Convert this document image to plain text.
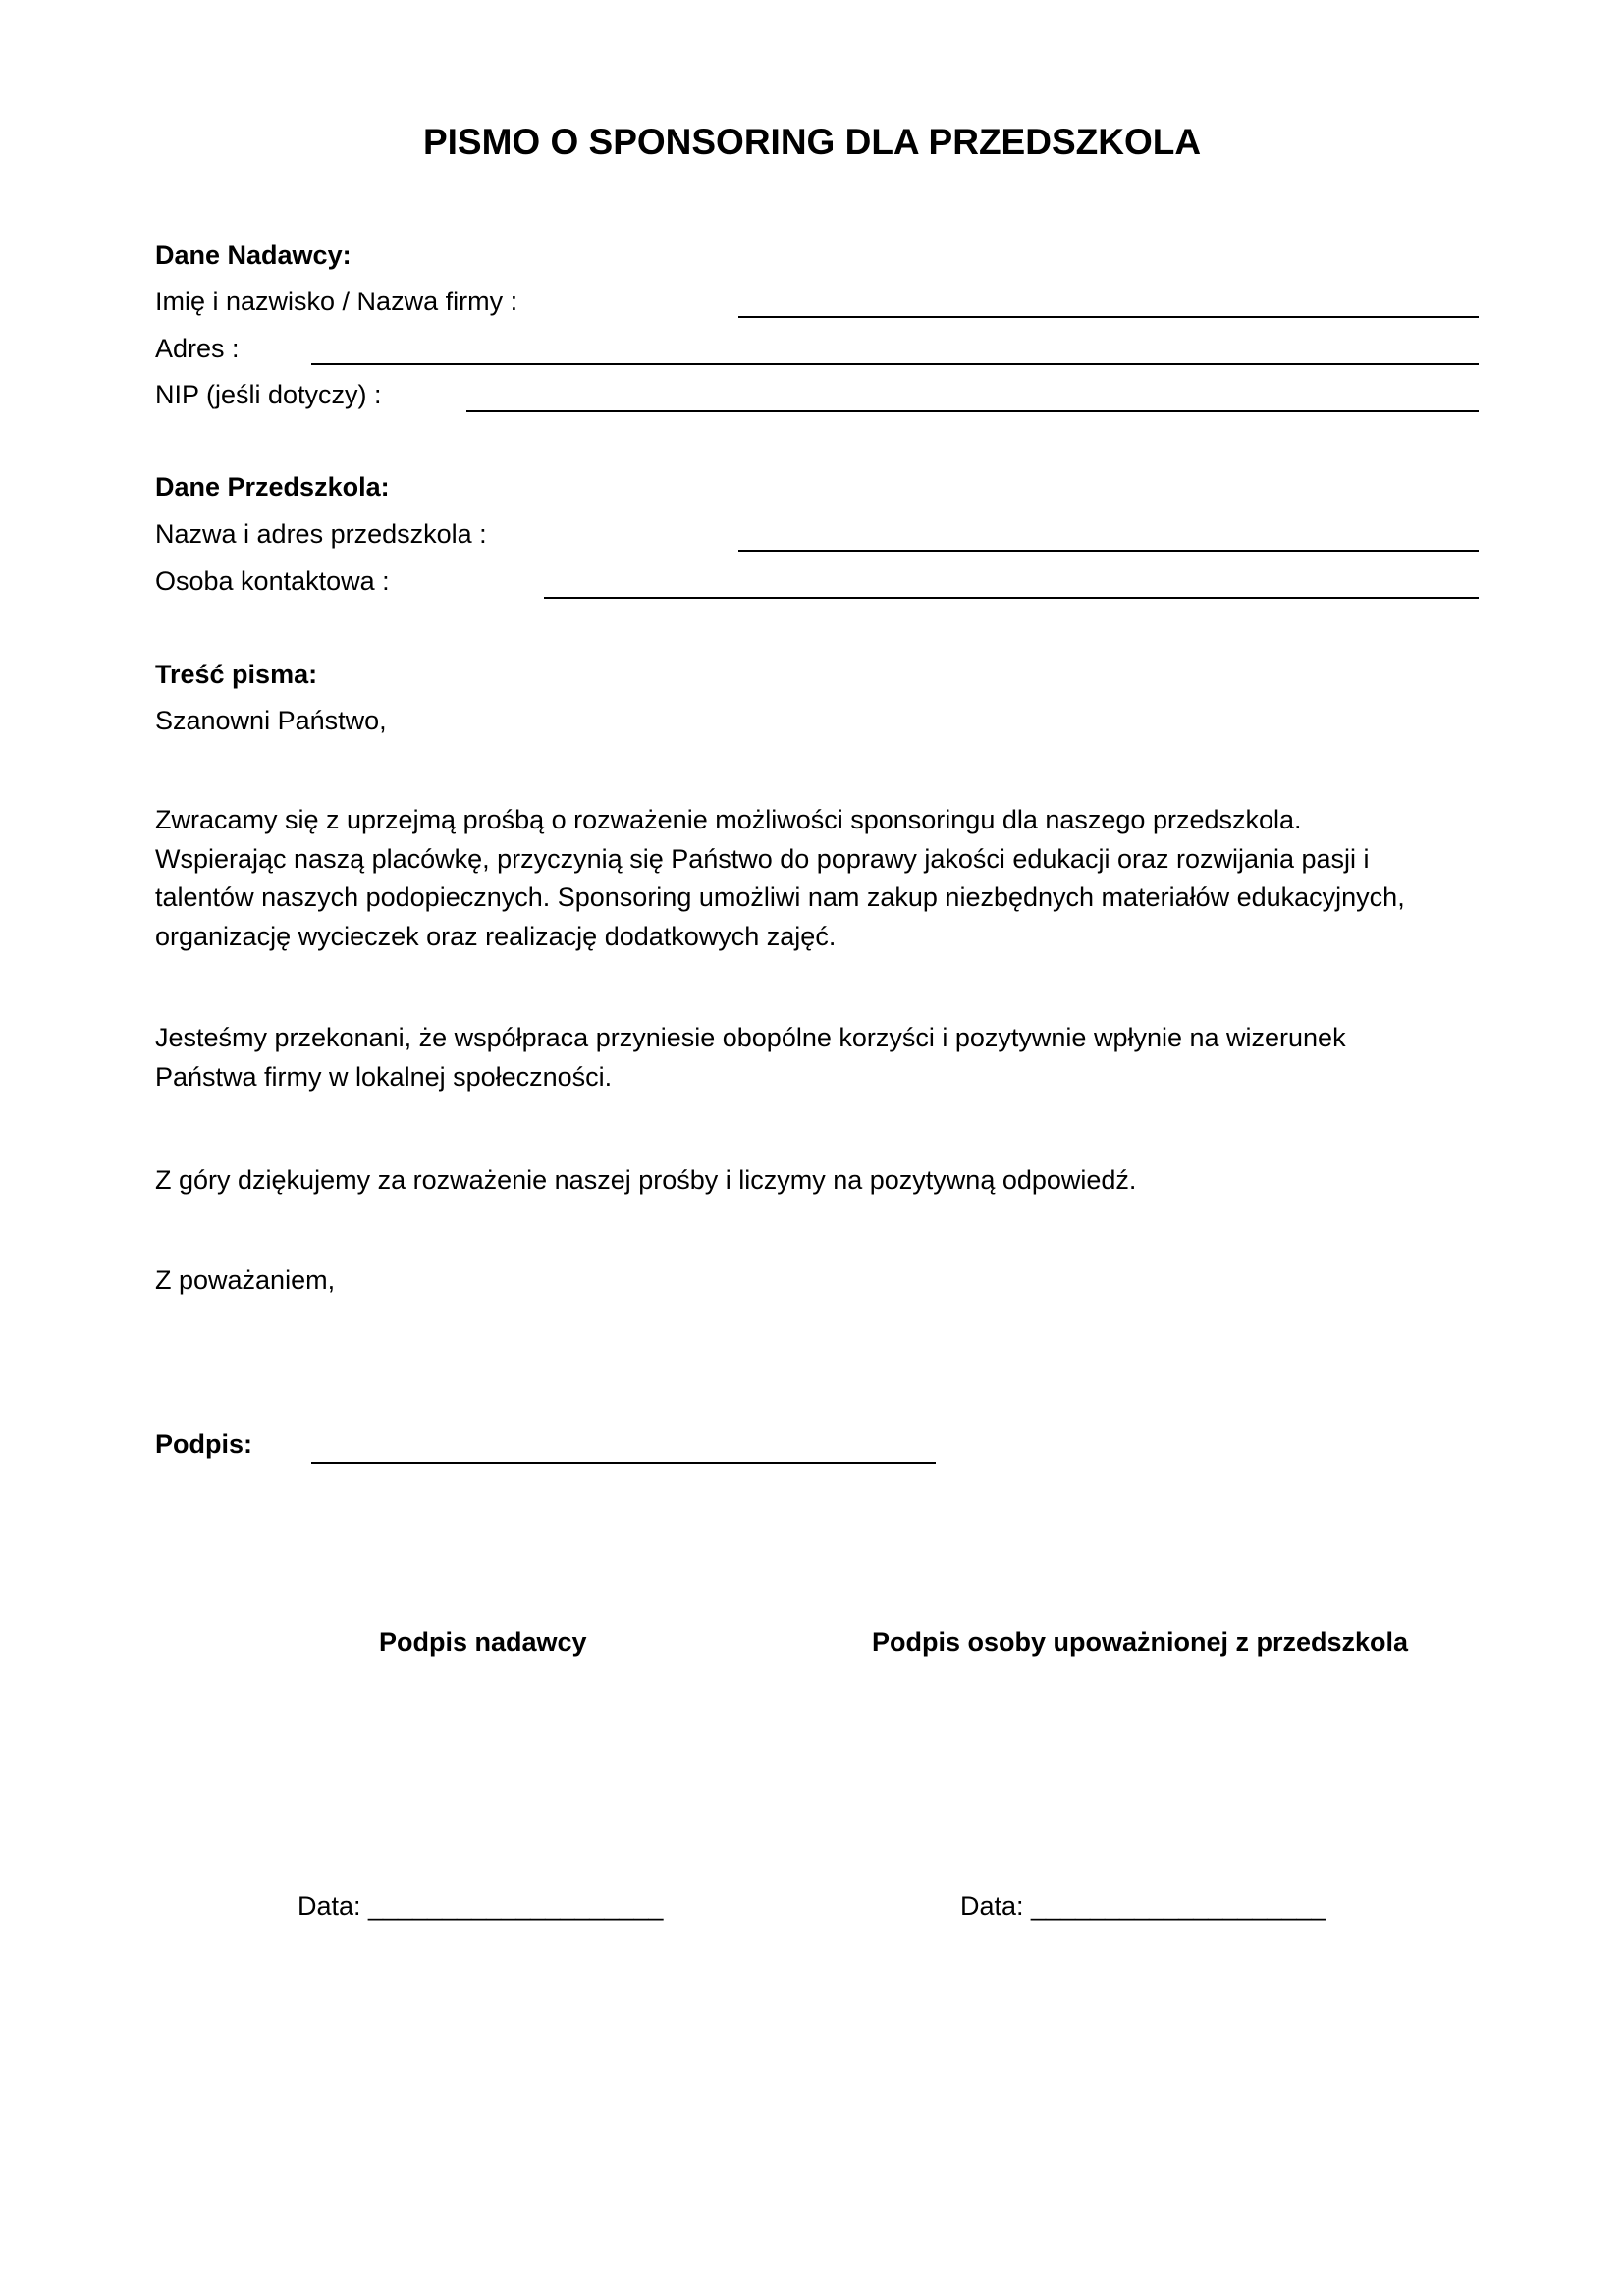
PISMO O SPONSORING DLA PRZEDSZKOLA
Dane Nadawcy:
Imię i nazwisko / Nazwa firmy :
Adres :
NIP (jeśli dotyczy) :
Dane Przedszkola:
Nazwa i adres przedszkola :
Osoba kontaktowa :
Treść pisma:
Szanowni Państwo,
Zwracamy się z uprzejmą prośbą o rozważenie możliwości sponsoringu dla naszego przedszkola.
Wspierając naszą placówkę, przyczynią się Państwo do poprawy jakości edukacji oraz rozwijania pasji i
talentów naszych podopiecznych. Sponsoring umożliwi nam zakup niezbędnych materiałów edukacyjnych,
organizację wycieczek oraz realizację dodatkowych zajęć.
Jesteśmy przekonani, że współpraca przyniesie obopólne korzyści i pozytywnie wpłynie na wizerunek
Państwa firmy w lokalnej społeczności.
Z góry dziękujemy za rozważenie naszej prośby i liczymy na pozytywną odpowiedź.
Z poważaniem,
Podpis:
Podpis nadawcy	Podpis osoby upoważnionej z przedszkola
Data: ____________________	Data: ____________________
